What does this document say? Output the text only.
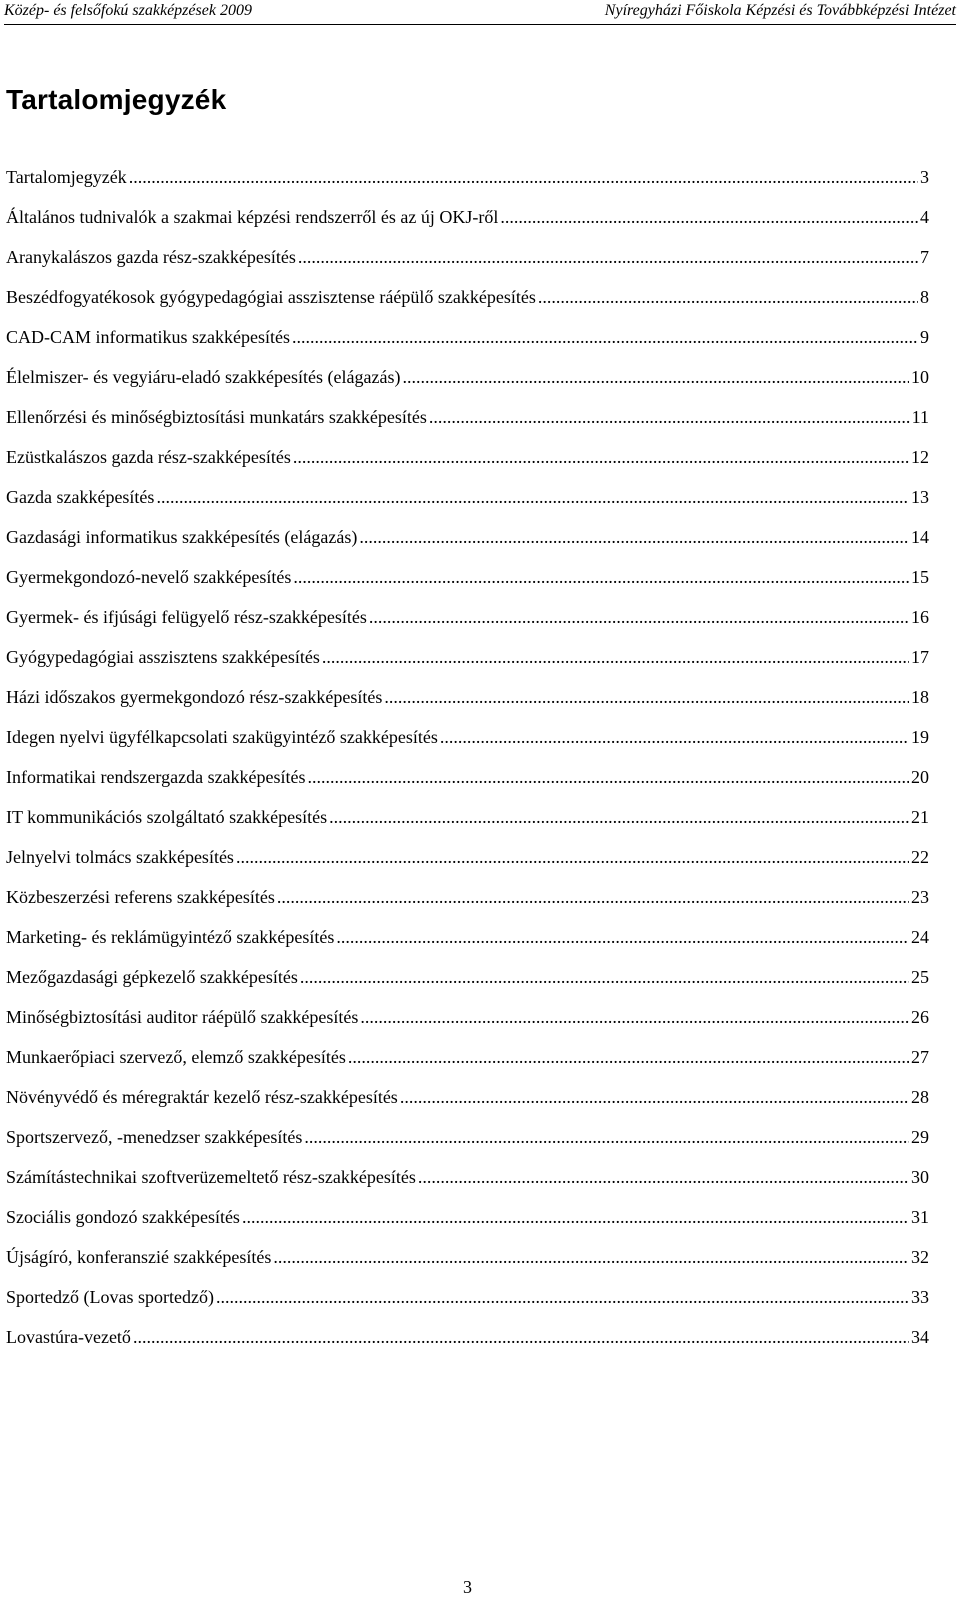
Közép- és felsőfokú szakképzések 2009	Nyíregyházi Főiskola Képzési és Továbbképzési Intézet
Tartalomjegyzék
Tartalomjegyzék .....	3
Általános tudnivalók a szakmai képzési rendszerről és az új OKJ-ről .....	4
Aranykalászos gazda rész-szakképesítés .....	7
Beszédfogyatékosok gyógypedagógiai asszisztense ráépülő szakképesítés .....	8
CAD-CAM informatikus szakképesítés .....	9
Élelmiszer- és vegyiáru-eladó szakképesítés (elágazás) .....	10
Ellenőrzési és minőségbiztosítási munkatárs szakképesítés .....	11
Ezüstkalászos gazda rész-szakképesítés .....	12
Gazda szakképesítés .....	13
Gazdasági informatikus szakképesítés (elágazás) .....	14
Gyermekgondozó-nevelő szakképesítés .....	15
Gyermek- és ifjúsági felügyelő rész-szakképesítés .....	16
Gyógypedagógiai asszisztens szakképesítés .....	17
Házi időszakos gyermekgondozó rész-szakképesítés .....	18
Idegen nyelvi ügyfélkapcsolati szakügyintéző szakképesítés .....	19
Informatikai rendszergazda szakképesítés .....	20
IT kommunikációs szolgáltató szakképesítés .....	21
Jelnyelvi tolmács szakképesítés .....	22
Közbeszerzési referens szakképesítés .....	23
Marketing- és reklámügyintéző szakképesítés .....	24
Mezőgazdasági gépkezelő szakképesítés .....	25
Minőségbiztosítási auditor ráépülő szakképesítés .....	26
Munkaerőpiaci szervező, elemző szakképesítés .....	27
Növényvédő és méregraktár kezelő rész-szakképesítés .....	28
Sportszervező, -menedzser szakképesítés .....	29
Számítástechnikai szoftverüzemeltető rész-szakképesítés .....	30
Szociális gondozó szakképesítés .....	31
Újságíró, konferanszié szakképesítés .....	32
Sportedző (Lovas sportedző) .....	33
Lovastúra-vezető .....	34
3
